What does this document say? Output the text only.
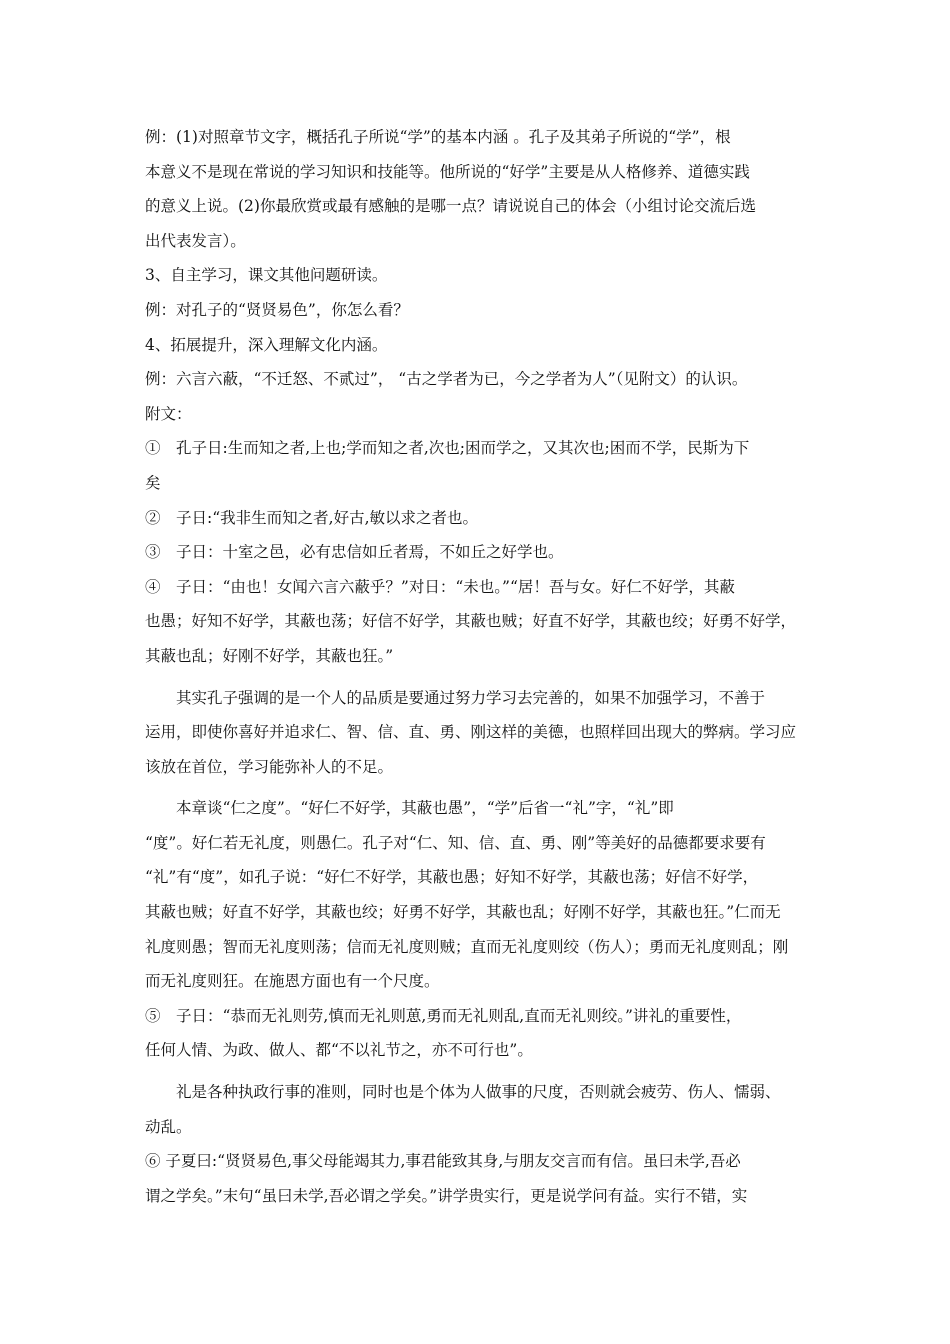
例：(1)对照章节文字，概括孔子所说“学”的基本内涵 。孔子及其弟子所说的“学”，根

本意义不是现在常说的学习知识和技能等。他所说的“好学”主要是从人格修养、道德实践

的意义上说。(2)你最欣赏或最有感触的是哪一点？请说说自己的体会（小组讨论交流后选

出代表发言）。

3、自主学习，课文其他问题研读。

例：对孔子的“贤贤易色”，你怎么看？

4、拓展提升，深入理解文化内涵。

例：六言六蔽，“不迁怒、不贰过”， “古之学者为已，今之学者为人”（见附文）的认识。

附文：

①　孔子日:生而知之者,上也;学而知之者,次也;困而学之，又其次也;困而不学，民斯为下

矣

②　子日:“我非生而知之者,好古,敏以求之者也。

③　子日：十室之邑，必有忠信如丘者焉，不如丘之好学也。

④　子日：“由也！女闻六言六蔽乎？”对日：“未也。”“居！吾与女。好仁不好学，其蔽

也愚；好知不好学，其蔽也荡；好信不好学，其蔽也贼；好直不好学，其蔽也绞；好勇不好学，

其蔽也乱；好刚不好学，其蔽也狂。”

　　其实孔子强调的是一个人的品质是要通过努力学习去完善的，如果不加强学习，不善于

运用，即使你喜好并追求仁、智、信、直、勇、刚这样的美德，也照样回出现大的弊病。学习应

该放在首位，学习能弥补人的不足。

　　本章谈“仁之度”。“好仁不好学，其蔽也愚”，“学”后省一“礼”字，“礼”即

“度”。好仁若无礼度，则愚仁。孔子对“仁、知、信、直、勇、刚”等美好的品德都要求要有

“礼”有“度”，如孔子说：“好仁不好学，其蔽也愚；好知不好学，其蔽也荡；好信不好学，

其蔽也贼；好直不好学，其蔽也绞；好勇不好学，其蔽也乱；好刚不好学，其蔽也狂。”仁而无

礼度则愚；智而无礼度则荡；信而无礼度则贼；直而无礼度则绞（伤人）；勇而无礼度则乱；刚

而无礼度则狂。在施恩方面也有一个尺度。

⑤　子日：“恭而无礼则劳,慎而无礼则葸,勇而无礼则乱,直而无礼则绞。”讲礼的重要性，

任何人情、为政、做人、都“不以礼节之，亦不可行也”。

　　礼是各种执政行事的准则，同时也是个体为人做事的尺度，否则就会疲劳、伤人、懦弱、

动乱。

⑥ 子夏曰:“贤贤易色,事父母能竭其力,事君能致其身,与朋友交言而有信。虽曰未学,吾必

谓之学矣。”末句“虽曰未学,吾必谓之学矣。”讲学贵实行，更是说学问有益。实行不错，实
